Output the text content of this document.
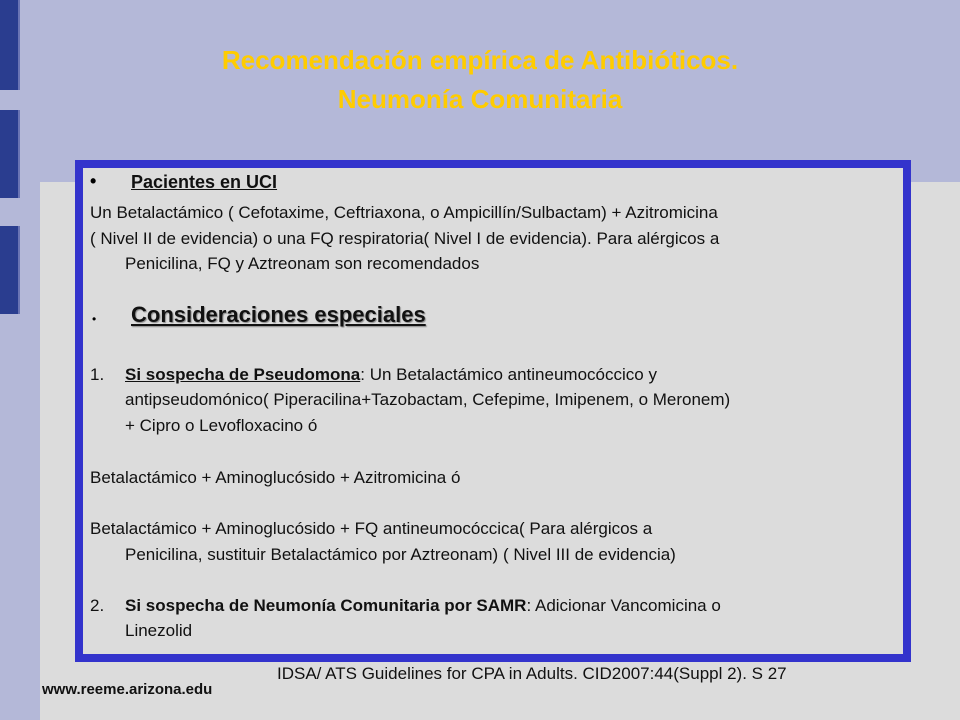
Recomendación empírica de Antibióticos.
Neumonía Comunitaria
• Pacientes en UCI
Un Betalactámico ( Cefotaxime, Ceftriaxona, o Ampicillín/Sulbactam) + Azitromicina
( Nivel II de evidencia) o una FQ respiratoria( Nivel I de evidencia). Para alérgicos a
Penicilina, FQ y Aztreonam son recomendados
• Consideraciones especiales
1. Si sospecha de Pseudomona: Un Betalactámico antineumocóccico y
antipseudomónico( Piperacilina+Tazobactam, Cefepime, Imipenem, o Meronem)
+ Cipro o Levofloxacino ó
Betalactámico + Aminoglucósido + Azitromicina ó
Betalactámico + Aminoglucósido + FQ antineumocóccica( Para alérgicos a
Penicilina, sustituir Betalactámico por Aztreonam) ( Nivel III de evidencia)
2. Si sospecha de Neumonía Comunitaria por SAMR: Adicionar Vancomicina o
Linezolid
IDSA/ ATS Guidelines for CPA in Adults. CID2007:44(Suppl 2). S 27
www.reeme.arizona.edu
